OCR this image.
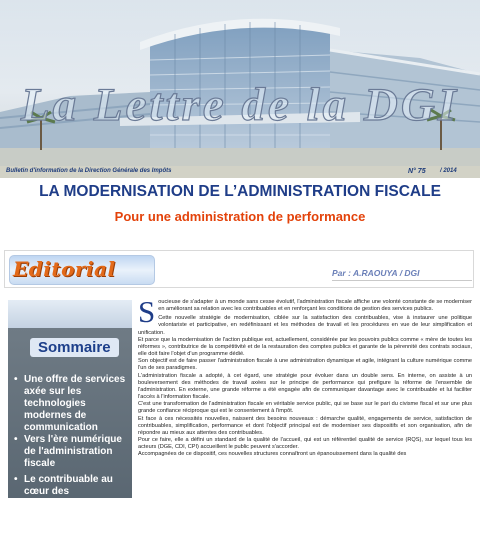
La Lettre de la DGI
Bulletin d'information de la Direction Générale des Impôts	N° 75 / 2014
LA MODERNISATION DE L’ADMINISTRATION FISCALE
Pour une administration de performance
Editorial	Par : A.RAOUYA / DGI
Sommaire
• Une offre de services axée sur les technologies modernes de communication
• Vers l'ère numérique de l'administration fiscale
• Le contribuable au cœur des préoccupations de l'administration fiscale

Soucieuse de s'adapter à un monde sans cesse évolutif, l'administration fiscale affiche une volonté constante de se moderniser en améliorant sa relation avec les contribuables et en renforçant les conditions de gestion des services publics.

Cette nouvelle stratégie de modernisation, ciblée sur la satisfaction des contribuables, vise à instaurer une politique volontariste et participative, en redéfinissant et les méthodes de travail et les procédures en vue de leur simplification et unification.

Et parce que la modernisation de l'action publique est, actuellement, considérée par les pouvoirs publics comme « mère de toutes les réformes », contributrice de la compétitivité et de la restauration des comptes publics et garante de la pérennité des contrats sociaux, elle doit faire l'objet d'un programme dédié.

Son objectif est de faire passer l'administration fiscale à une administration dynamique et agile, intégrant la culture numérique comme l'un de ses paradigmes.

L'administration fiscale a adopté, à cet égard, une stratégie pour évoluer dans un double sens. En interne, on assiste à un bouleversement des méthodes de travail axées sur le principe de performance qui prefigure la réforme de l'ensemble de l'administration. En externe, une grande réforme a été engagée afin de communiquer davantage avec le contribuable et lui faciliter l'accès à l'information fiscale.

C'est une transformation de l'administration fiscale en véritable service public, qui se base sur le pari du civisme fiscal et sur une plus grande confiance réciproque qui est le consentement à l'impôt.

Et face à ces nécessités nouvelles, naissent des besoins nouveaux : démarche qualité, engagements de service, satisfaction de contribuables, simplification, performance et dont l'objectif principal est de moderniser ses dispositifs et son organisation, afin de répondre au mieux aux attentes des contribuables.

Pour ce faire, elle a défini un standard de la qualité de l'accueil, qui est un référentiel qualité de service (RQS), sur lequel tous les acteurs (DGE, CDI, CPI) accueillent le public peuvent s'accorder.

Accompagnées de ce dispositif, ces nouvelles structures connaîtront un épanouissement dans la qualité des
